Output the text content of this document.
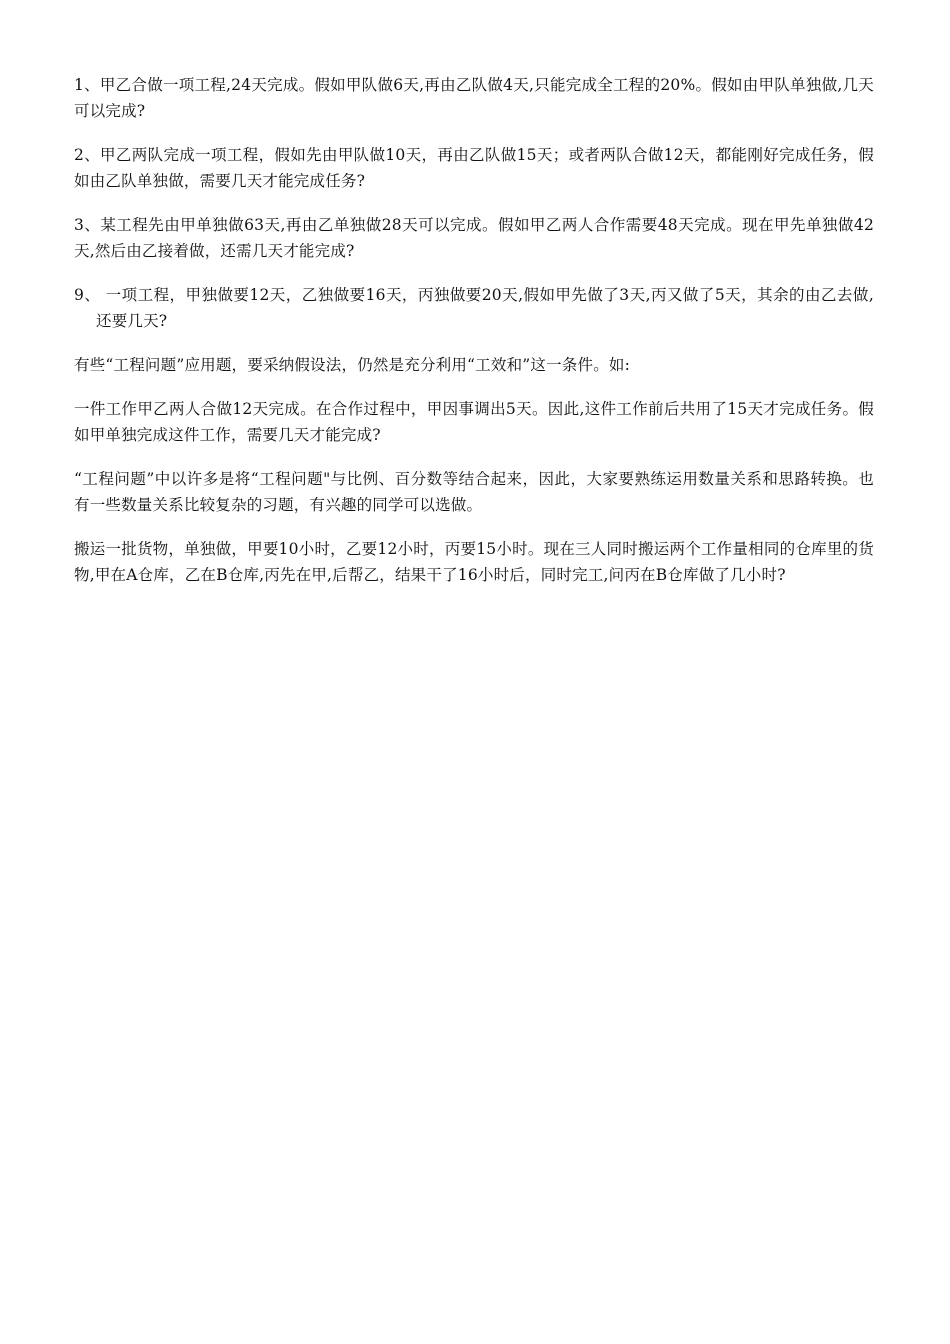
1、甲乙合做一项工程,24天完成。假如甲队做6天,再由乙队做4天,只能完成全工程的20%。假如由甲队单独做,几天可以完成?

2、甲乙两队完成一项工程，假如先由甲队做10天，再由乙队做15天；或者两队合做12天，都能刚好完成任务，假如由乙队单独做，需要几天才能完成任务?

3、某工程先由甲单独做63天,再由乙单独做28天可以完成。假如甲乙两人合作需要48天完成。现在甲先单独做42天,然后由乙接着做，还需几天才能完成?

9、 一项工程，甲独做要12天，乙独做要16天，丙独做要20天,假如甲先做了3天,丙又做了5天，其余的由乙去做,还要几天?

有些“工程问题”应用题，要采纳假设法，仍然是充分利用“工效和”这一条件。如:

一件工作甲乙两人合做12天完成。在合作过程中，甲因事调出5天。因此,这件工作前后共用了15天才完成任务。假如甲单独完成这件工作，需要几天才能完成?

“工程问题”中以许多是将“工程问题"与比例、百分数等结合起来，因此，大家要熟练运用数量关系和思路转换。也有一些数量关系比较复杂的习题，有兴趣的同学可以选做。

搬运一批货物，单独做，甲要10小时，乙要12小时，丙要15小时。现在三人同时搬运两个工作量相同的仓库里的货物,甲在A仓库，乙在B仓库,丙先在甲,后帮乙，结果干了16小时后，同时完工,问丙在B仓库做了几小时?
